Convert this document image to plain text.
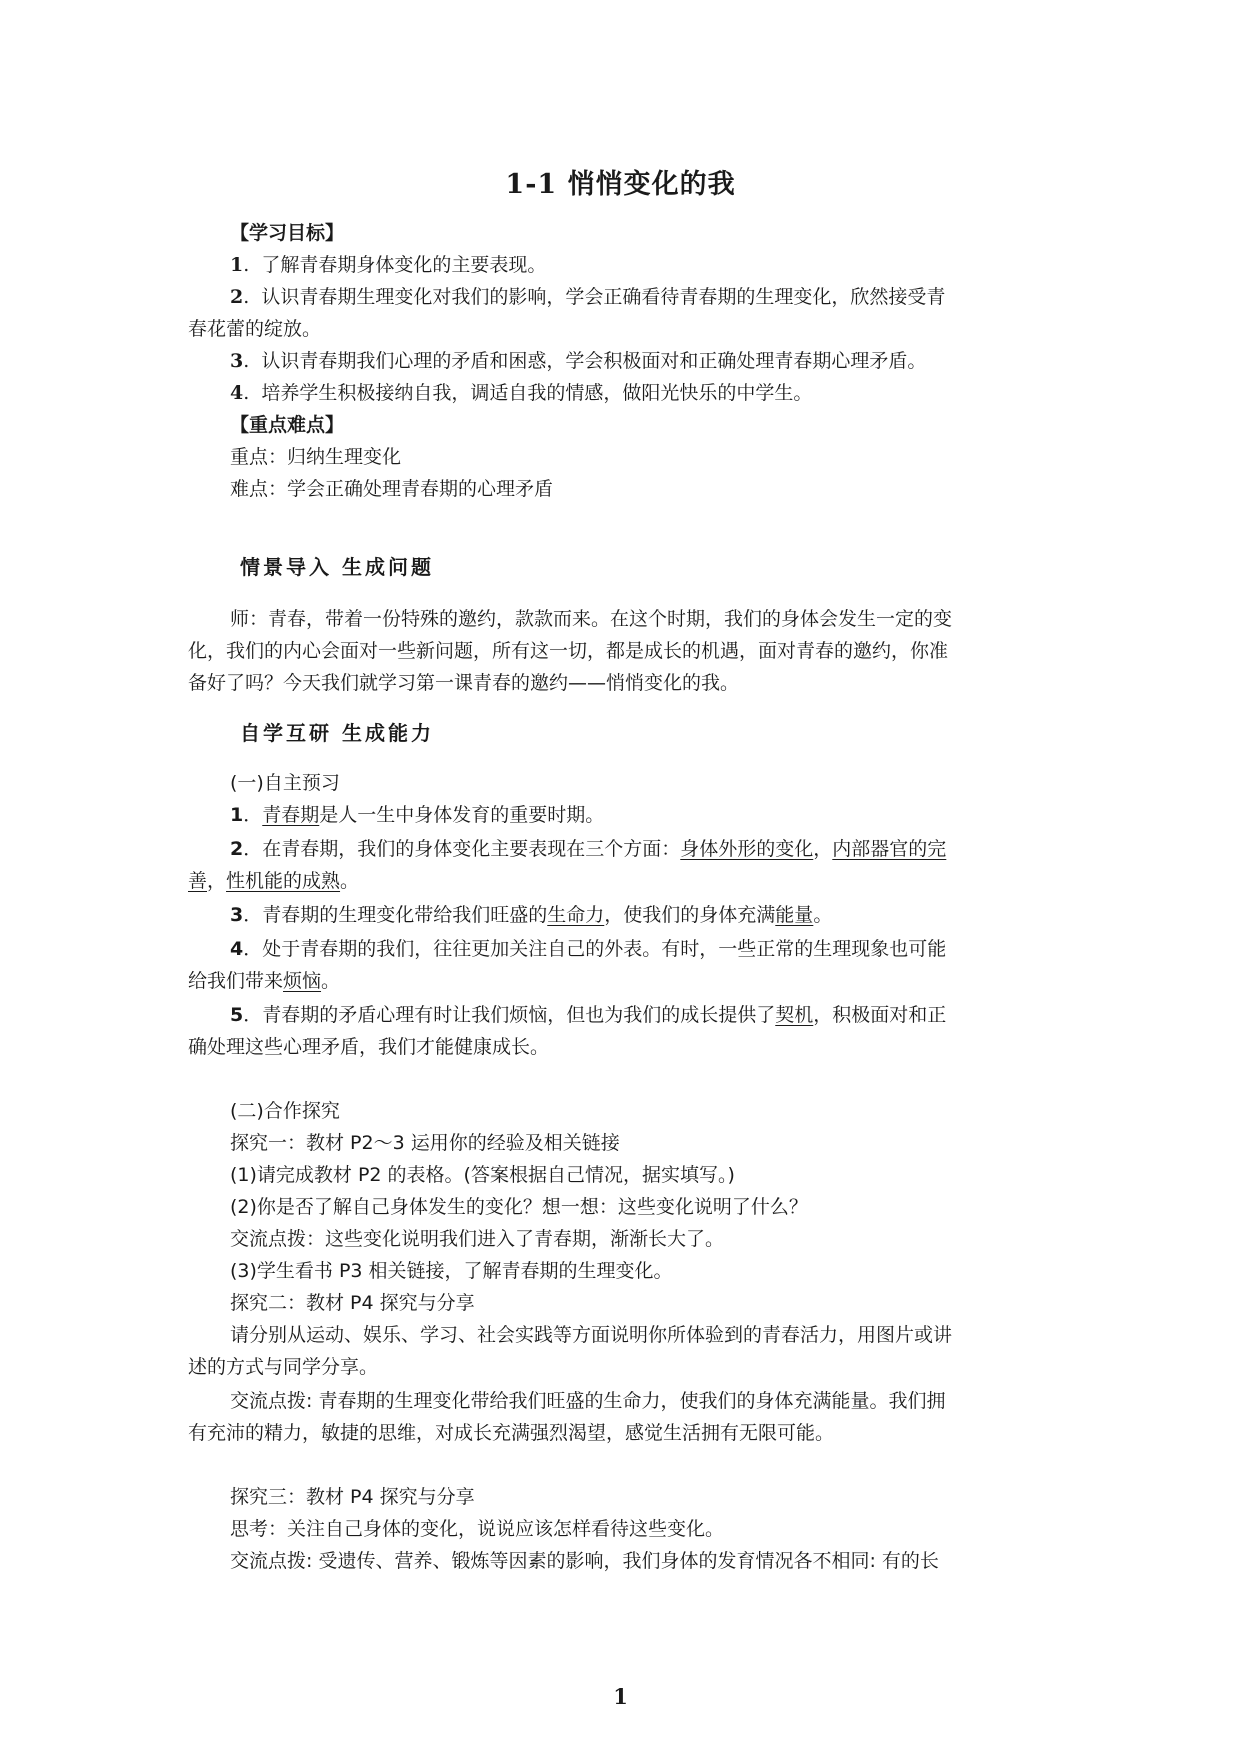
1-1 悄悄变化的我
【学习目标】
1.  了解青春期身体变化的主要表现。
2.  认识青春期生理变化对我们的影响，学会正确看待青春期的生理变化，欣然接受青
春花蕾的绽放。
3.  认识青春期我们心理的矛盾和困惑，学会积极面对和正确处理青春期心理矛盾。
4.  培养学生积极接纳自我，调适自我的情感，做阳光快乐的中学生。
【重点难点】
重点：归纳生理变化
难点：学会正确处理青春期的心理矛盾
情景导入 生成问题
师：青春，带着一份特殊的邀约，款款而来。在这个时期，我们的身体会发生一定的变
化，我们的内心会面对一些新问题，所有这一切，都是成长的机遇，面对青春的邀约，你准
备好了吗？今天我们就学习第一课青春的邀约——悄悄变化的我。
自学互研 生成能力
(一)自主预习
1．青春期是人一生中身体发育的重要时期。
2．在青春期，我们的身体变化主要表现在三个方面：身体外形的变化，内部器官的完
善，性机能的成熟。
3．青春期的生理变化带给我们旺盛的生命力，使我们的身体充满能量。
4．处于青春期的我们，往往更加关注自己的外表。有时，一些正常的生理现象也可能
给我们带来烦恼。
5．青春期的矛盾心理有时让我们烦恼，但也为我们的成长提供了契机，积极面对和正
确处理这些心理矛盾，我们才能健康成长。
(二)合作探究
探究一：教材 P2～3 运用你的经验及相关链接
(1)请完成教材 P2 的表格。(答案根据自己情况，据实填写。)
(2)你是否了解自己身体发生的变化？想一想：这些变化说明了什么？
交流点拨：这些变化说明我们进入了青春期，渐渐长大了。
(3)学生看书 P3 相关链接，了解青春期的生理变化。
探究二：教材 P4 探究与分享
请分别从运动、娱乐、学习、社会实践等方面说明你所体验到的青春活力，用图片或讲
述的方式与同学分享。
交流点拨: 青春期的生理变化带给我们旺盛的生命力，使我们的身体充满能量。我们拥
有充沛的精力，敏捷的思维，对成长充满强烈渴望，感觉生活拥有无限可能。
探究三：教材 P4 探究与分享
思考：关注自己身体的变化，说说应该怎样看待这些变化。
交流点拨: 受遗传、营养、锻炼等因素的影响，我们身体的发育情况各不相同: 有的长
1
